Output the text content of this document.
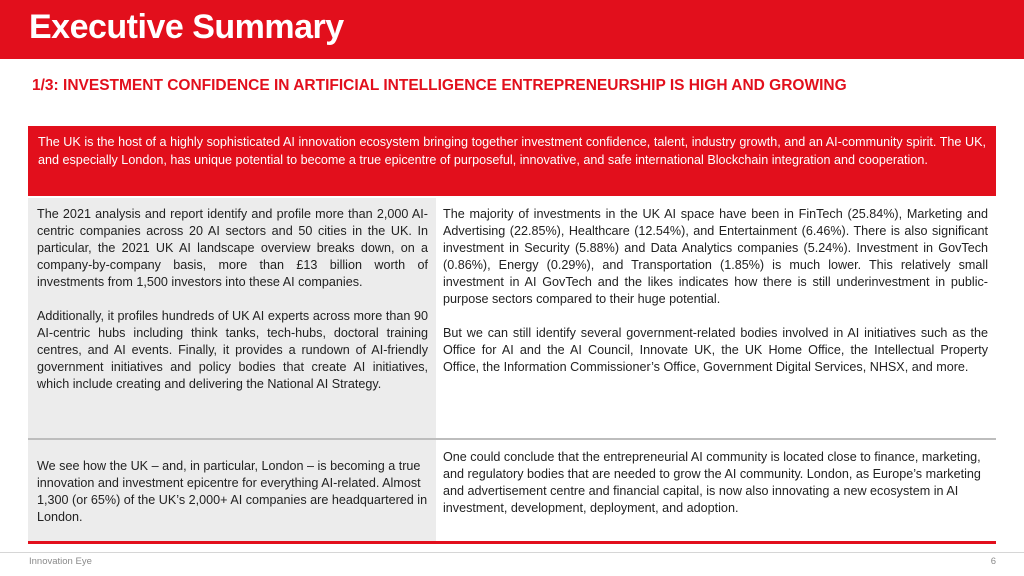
Executive Summary
1/3: INVESTMENT CONFIDENCE IN ARTIFICIAL INTELLIGENCE ENTREPRENEURSHIP IS HIGH AND GROWING
The UK is the host of a highly sophisticated AI innovation ecosystem bringing together investment confidence, talent, industry growth, and an AI-community spirit. The UK, and especially London, has unique potential to become a true epicentre of purposeful, innovative, and safe international Blockchain integration and cooperation.

The 2021 analysis and report identify and profile more than 2,000 AI-centric companies across 20 AI sectors and 50 cities in the UK. In particular, the 2021 UK AI landscape overview breaks down, on a company-by-company basis, more than £13 billion worth of investments from 1,500 investors into these AI companies.

Additionally, it profiles hundreds of UK AI experts across more than 90 AI-centric hubs including think tanks, tech-hubs, doctoral training centres, and AI events. Finally, it provides a rundown of AI-friendly government initiatives and policy bodies that create AI initiatives, which include creating and delivering the National AI Strategy.

The majority of investments in the UK AI space have been in FinTech (25.84%), Marketing and Advertising (22.85%), Healthcare (12.54%), and Entertainment (6.46%). There is also significant investment in Security (5.88%) and Data Analytics companies (5.24%). Investment in GovTech (0.86%), Energy (0.29%), and Transportation (1.85%) is much lower. This relatively small investment in AI GovTech and the likes indicates how there is still underinvestment in public-purpose sectors compared to their huge potential.

But we can still identify several government-related bodies involved in AI initiatives such as the Office for AI and the AI Council, Innovate UK, the UK Home Office, the Intellectual Property Office, the Information Commissioner’s Office, Government Digital Services, NHSX, and more.

We see how the UK – and, in particular, London – is becoming a true innovation and investment epicentre for everything AI-related. Almost 1,300 (or 65%) of the UK’s 2,000+ AI companies are headquartered in London.

One could conclude that the entrepreneurial AI community is located close to finance, marketing, and regulatory bodies that are needed to grow the AI community. London, as Europe’s marketing and advertisement centre and financial capital, is now also innovating a new ecosystem in AI investment, development, deployment, and adoption.

Innovation Eye	6
